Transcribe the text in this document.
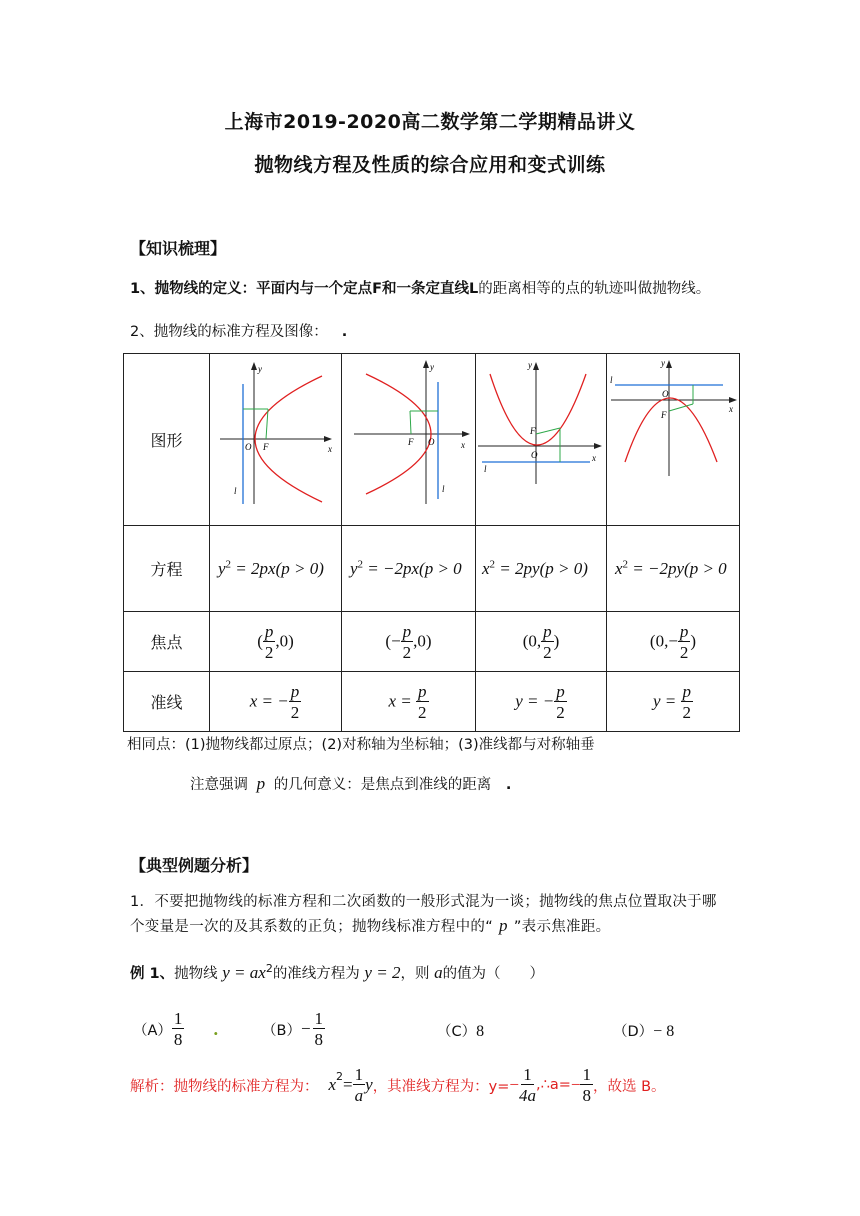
上海市2019-2020高二数学第二学期精品讲义
抛物线方程及性质的综合应用和变式训练
【知识梳理】
1、抛物线的定义：平面内与一个定点F和一条定直线L的距离相等的点的轨迹叫做抛物线。
2、抛物线的标准方程及图像： .
图形	y
x
O F
l	y
x
O
F
l	y
x
O
F
l	y
x
O
F
l

方程	$y^2 = 2px(p > 0)$	$y^2 = -2px(p > 0$	$x^2 = 2py(p > 0)$	$x^2 = -2py(p > 0$
焦点	( $\frac{p}{2} ,0$)	(− $\frac{p}{2} ,0$)	(0, $\frac{p}{2}$ )	($0,- \frac{p}{2}$ )
准线	x = − $\frac{p}{2}$	$x = \frac{p}{2}$	y = − $\frac{p}{2}$	$y = \frac{p}{2}$
相同点：(1)抛物线都过原点；(2)对称轴为坐标轴；(3)准线都与对称轴垂
注意强调 p 的几何意义：是焦点到准线的距离 .
【典型例题分析】
1．不要把抛物线的标准方程和二次函数的一般形式混为一谈；抛物线的焦点位置取决于哪
个变量是一次的及其系数的正负；抛物线标准方程中的“ p ”表示焦准距。
例 1、抛物线 $y = ax^2$的准线方程为 y = 2，则 a的值为（　　）
$(A) \frac{1}{8}$ .	$(B) - \frac{1}{8}$	（C）8	（D）− 8
解析：抛物线的标准方程为： $x^2 = \frac{1}{a}$ y ，其准线方程为：$y= - \frac{1}{4a}$ ,∴a= − $\frac{1}{8}$ ，故选 B。
